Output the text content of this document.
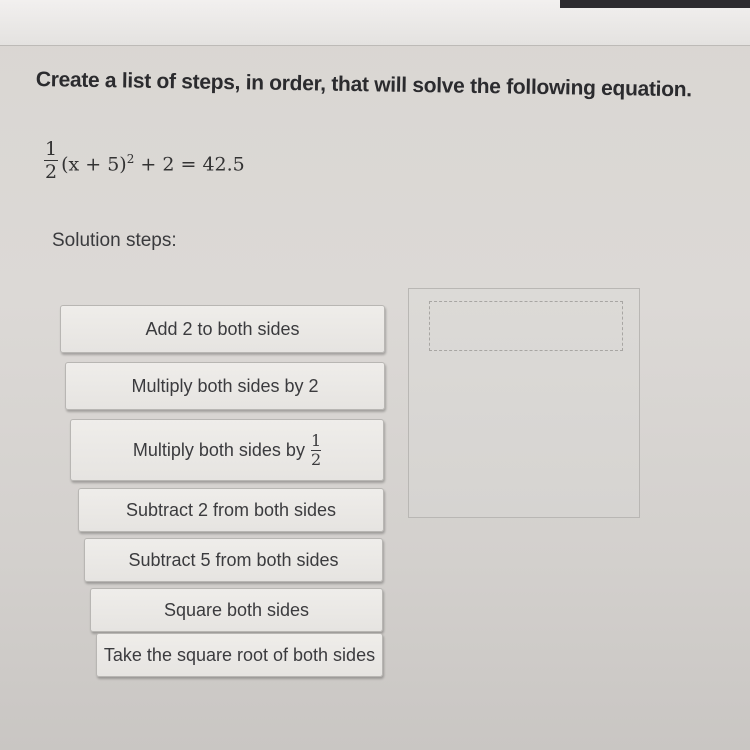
Create a list of steps, in order, that will solve the following equation.
$\frac{1}{2} (x + 5)^2 + 2 = 42.5$
Solution steps:
Add 2 to both sides
Multiply both sides by 2
Multiply both sides by $\frac{1}{2}$
Subtract 2 from both sides
Subtract 5 from both sides
Square both sides
Take the square root of both sides
